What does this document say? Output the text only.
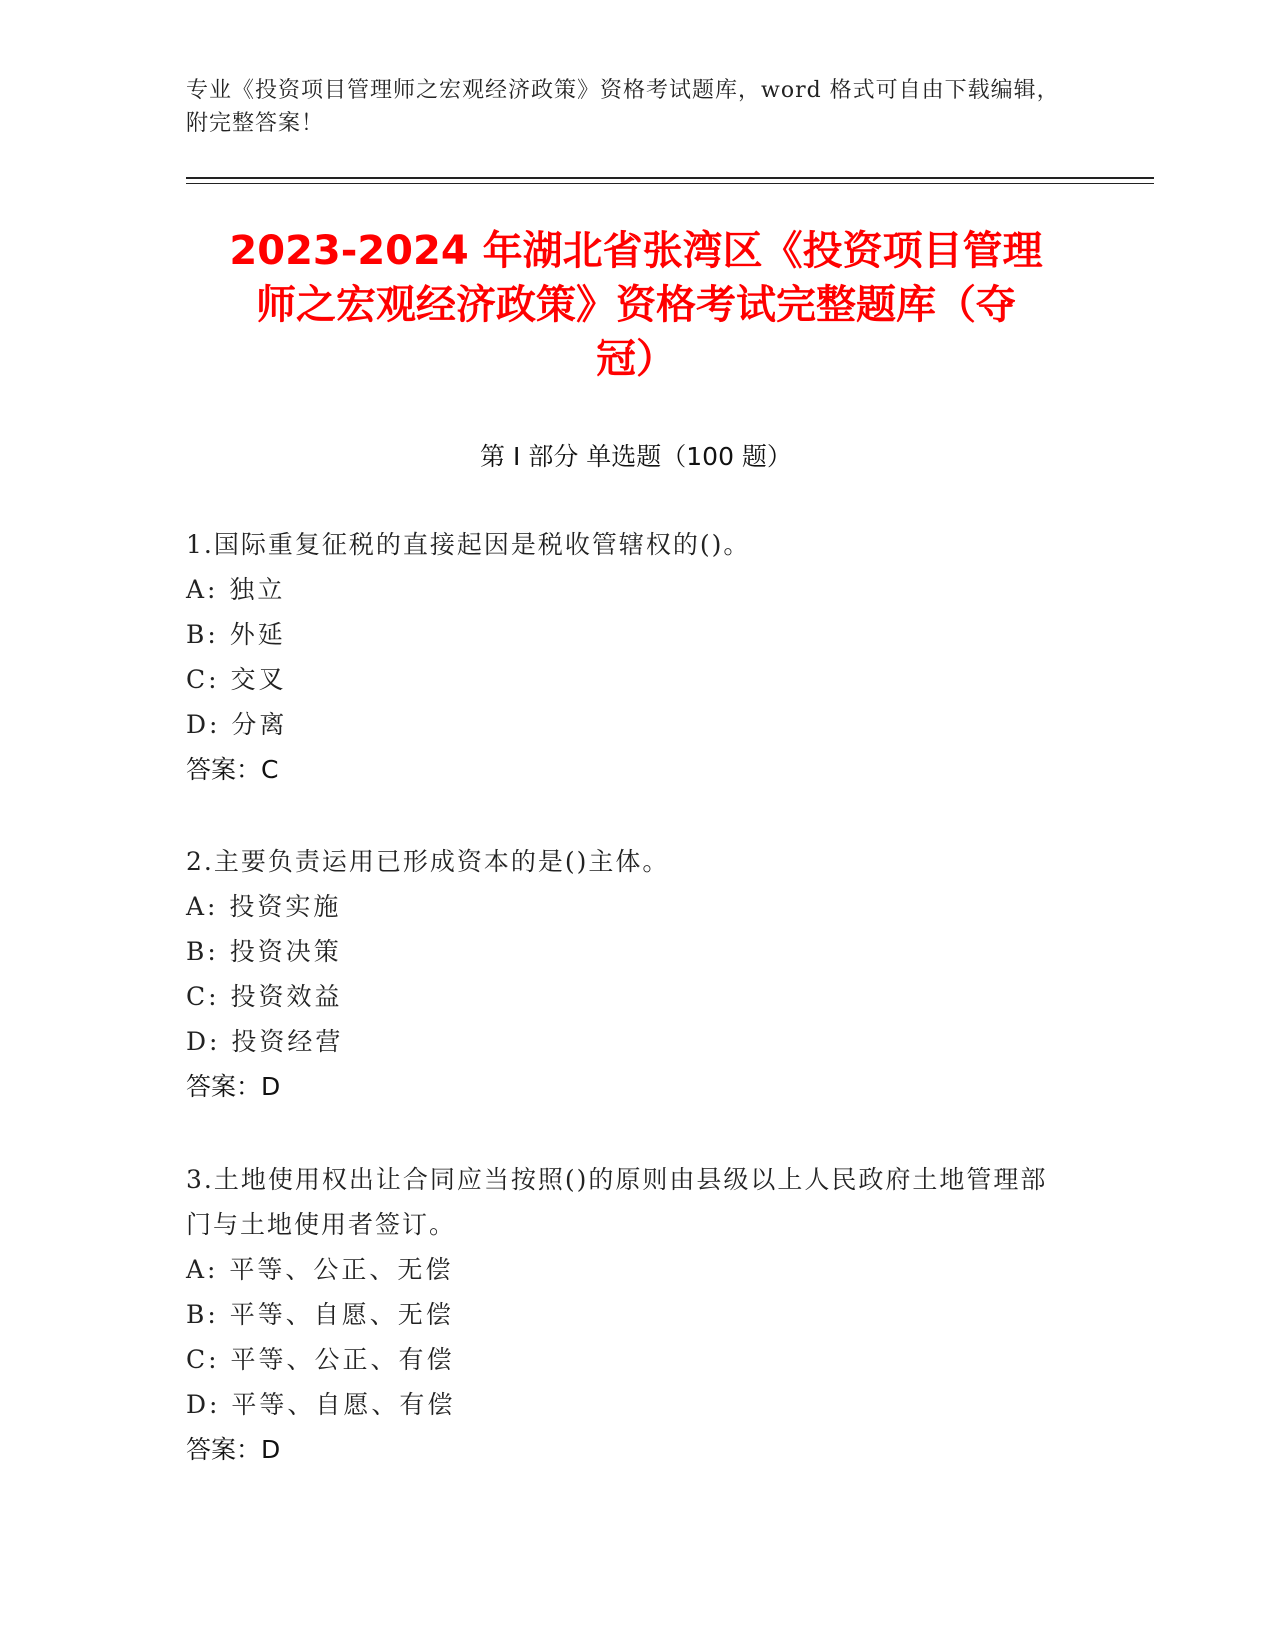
专业《投资项目管理师之宏观经济政策》资格考试题库，word 格式可自由下载编辑，附完整答案！
2023-2024 年湖北省张湾区《投资项目管理
师之宏观经济政策》资格考试完整题库（夺
冠）
第 I 部分 单选题（100 题）
1.国际重复征税的直接起因是税收管辖权的()。
A: 独立
B: 外延
C: 交叉
D: 分离
答案：C
2.主要负责运用已形成资本的是()主体。
A: 投资实施
B: 投资决策
C: 投资效益
D: 投资经营
答案：D
3.土地使用权出让合同应当按照()的原则由县级以上人民政府土地管理部门与土地使用者签订。
A: 平等、公正、无偿
B: 平等、自愿、无偿
C: 平等、公正、有偿
D: 平等、自愿、有偿
答案：D
